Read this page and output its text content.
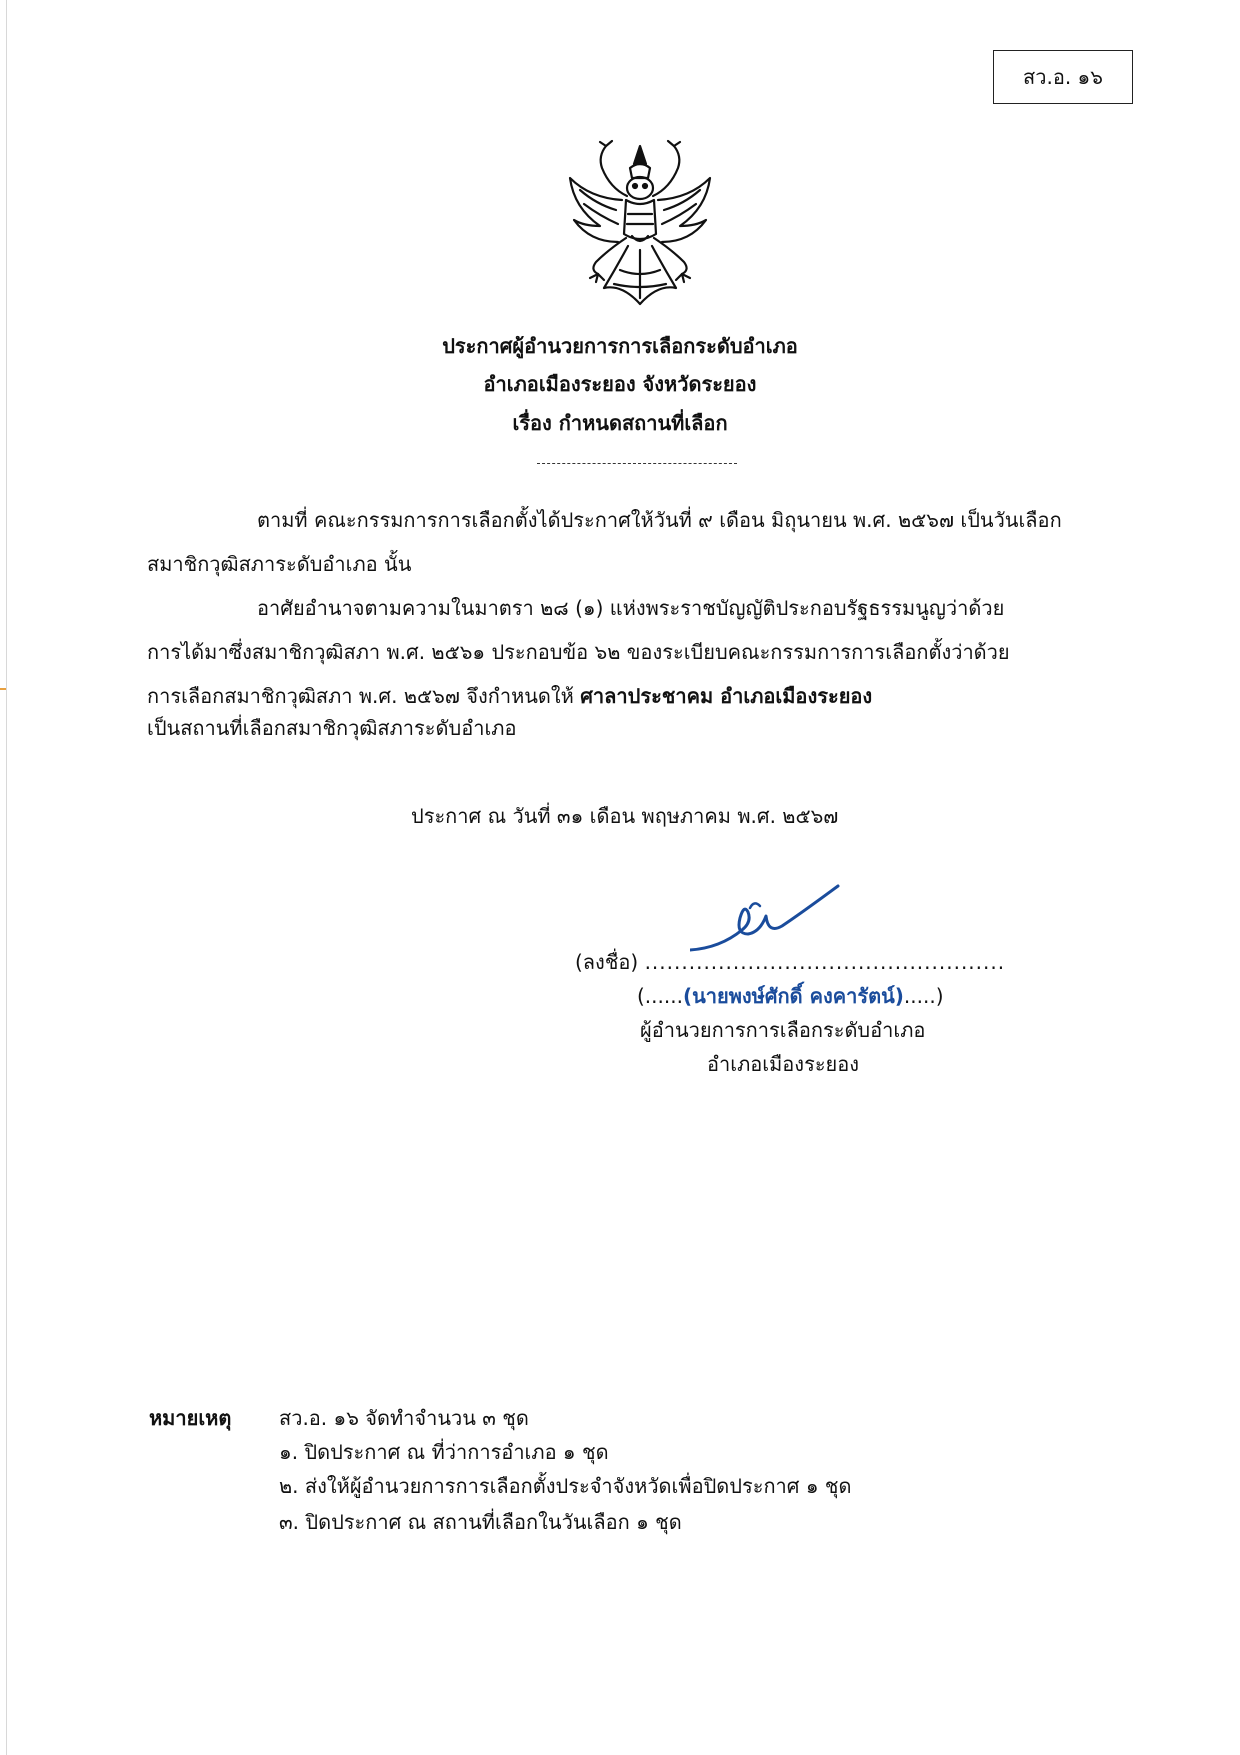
สว.อ. ๑๖
ประกาศผู้อำนวยการการเลือกระดับอำเภอ
อำเภอเมืองระยอง จังหวัดระยอง
เรื่อง กำหนดสถานที่เลือก
ตามที่ คณะกรรมการการเลือกตั้งได้ประกาศให้วันที่ ๙ เดือน มิถุนายน พ.ศ. ๒๕๖๗ เป็นวันเลือก
สมาชิกวุฒิสภาระดับอำเภอ นั้น
อาศัยอำนาจตามความในมาตรา ๒๘ (๑) แห่งพระราชบัญญัติประกอบรัฐธรรมนูญว่าด้วย
การได้มาซึ่งสมาชิกวุฒิสภา พ.ศ. ๒๕๖๑ ประกอบข้อ ๖๒ ของระเบียบคณะกรรมการการเลือกตั้งว่าด้วย
การเลือกสมาชิกวุฒิสภา พ.ศ. ๒๕๖๗ จึงกำหนดให้ ศาลาประชาคม อำเภอเมืองระยอง
เป็นสถานที่เลือกสมาชิกวุฒิสภาระดับอำเภอ
ประกาศ ณ วันที่ ๓๑ เดือน พฤษภาคม พ.ศ. ๒๕๖๗
(ลงชื่อ) .................................................
(......(นายพงษ์ศักดิ์ คงคารัตน์).....)
ผู้อำนวยการการเลือกระดับอำเภอ
อำเภอเมืองระยอง
หมายเหตุ สว.อ. ๑๖ จัดทำจำนวน ๓ ชุด
๑. ปิดประกาศ ณ ที่ว่าการอำเภอ ๑ ชุด
๒. ส่งให้ผู้อำนวยการการเลือกตั้งประจำจังหวัดเพื่อปิดประกาศ ๑ ชุด
๓. ปิดประกาศ ณ สถานที่เลือกในวันเลือก ๑ ชุด
